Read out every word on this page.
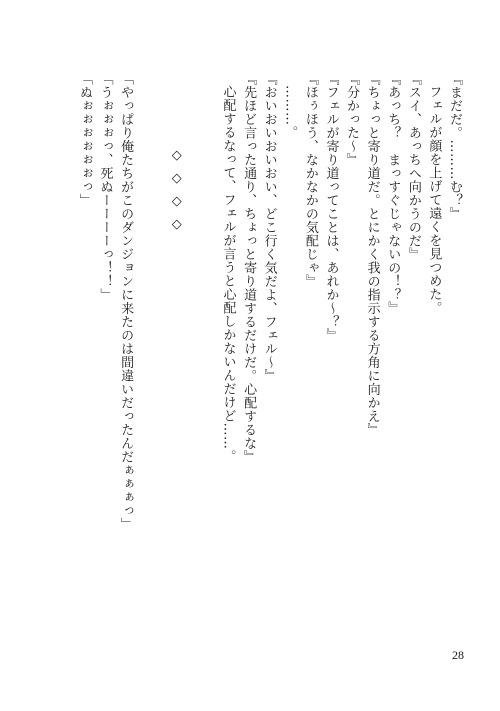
『まだだ。………む？』
フェルが顔を上げて遠くを見つめた。
『スイ、あっちへ向かうのだ』
『あっち？　まっすぐじゃないの！？』
『ちょっと寄り道だ。とにかく我の指示する方角に向かえ』
『分かった～』
『フェルが寄り道ってことは、あれか～？』
『ほぅほう、なかなかの気配じゃ』
………。
『おいおいおいおい、どこ行く気だよ、フェル～』
『先ほど言った通り、ちょっと寄り道するだけだ。心配するな』
心配するなって、フェルが言うと心配しかないんだけど……。
◇◇◇◇
「やっぱり俺たちがこのダンジョンに来たのは間違いだったんだぁぁぁっ」
「うぉぉぉっ、死ぬーーーーっ！！」
「ぬぉぉぉぉぉぉっ」
28
